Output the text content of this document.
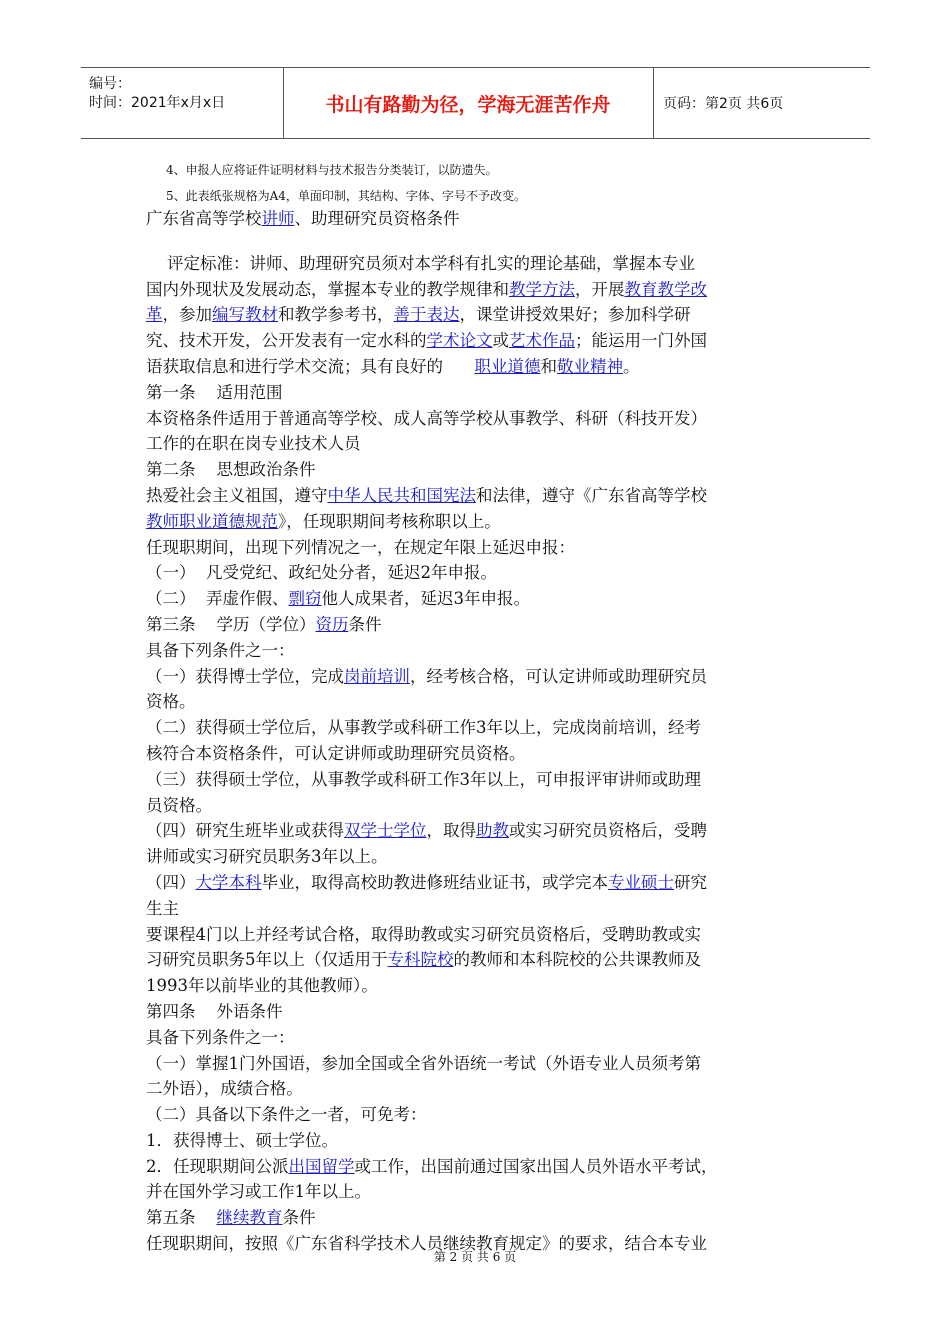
编号：
时间：2021年x月x日	书山有路勤为径，学海无涯苦作舟	页码：第2页 共6页
4、申报人应将证件证明材料与技术报告分类装订，以防遗失。
5、此表纸张规格为A4，单面印制，其结构、字体、字号不予改变。

广东省高等学校讲师、助理研究员资格条件

评定标准：讲师、助理研究员须对本学科有扎实的理论基础，掌握本专业

国内外现状及发展动态，掌握本专业的教学规律和教学方法，开展教育教学改

革，参加编写教材和教学参考书，善于表达，课堂讲授效果好；参加科学研

究、技术开发，公开发表有一定水科的学术论文或艺术作品；能运用一门外国

语获取信息和进行学术交流；具有良好的      职业道德和敬业精神。

第一条    适用范围

本资格条件适用于普通高等学校、成人高等学校从事教学、科研（科技开发）

工作的在职在岗专业技术人员

第二条    思想政治条件

热爱社会主义祖国，遵守中华人民共和国宪法和法律，遵守《广东省高等学校

教师职业道德规范》，任现职期间考核称职以上。

任现职期间，出现下列情况之一，在规定年限上延迟申报：

（一）  凡受党纪、政纪处分者，延迟2年申报。

（二）  弄虚作假、剽窃他人成果者，延迟3年申报。

第三条    学历（学位）资历条件

具备下列条件之一：

（一）获得博士学位，完成岗前培训，经考核合格，可认定讲师或助理研究员

资格。

（二）获得硕士学位后，从事教学或科研工作3年以上，完成岗前培训，经考

核符合本资格条件，可认定讲师或助理研究员资格。

（三）获得硕士学位，从事教学或科研工作3年以上，可申报评审讲师或助理

员资格。

（四）研究生班毕业或获得双学士学位，取得助教或实习研究员资格后，受聘

讲师或实习研究员职务3年以上。

（四）大学本科毕业，取得高校助教进修班结业证书，或学完本专业硕士研究

生主

要课程4门以上并经考试合格，取得助教或实习研究员资格后，受聘助教或实

习研究员职务5年以上（仅适用于专科院校的教师和本科院校的公共课教师及

1993年以前毕业的其他教师）。

第四条    外语条件

具备下列条件之一：

（一）掌握1门外国语，参加全国或全省外语统一考试（外语专业人员须考第

二外语），成绩合格。

（二）具备以下条件之一者，可免考：

1．获得博士、硕士学位。

2．任现职期间公派出国留学或工作，出国前通过国家出国人员外语水平考试，

并在国外学习或工作1年以上。

第五条    继续教育条件

任现职期间，按照《广东省科学技术人员继续教育规定》的要求，结合本专业

第 2 页 共 6 页
